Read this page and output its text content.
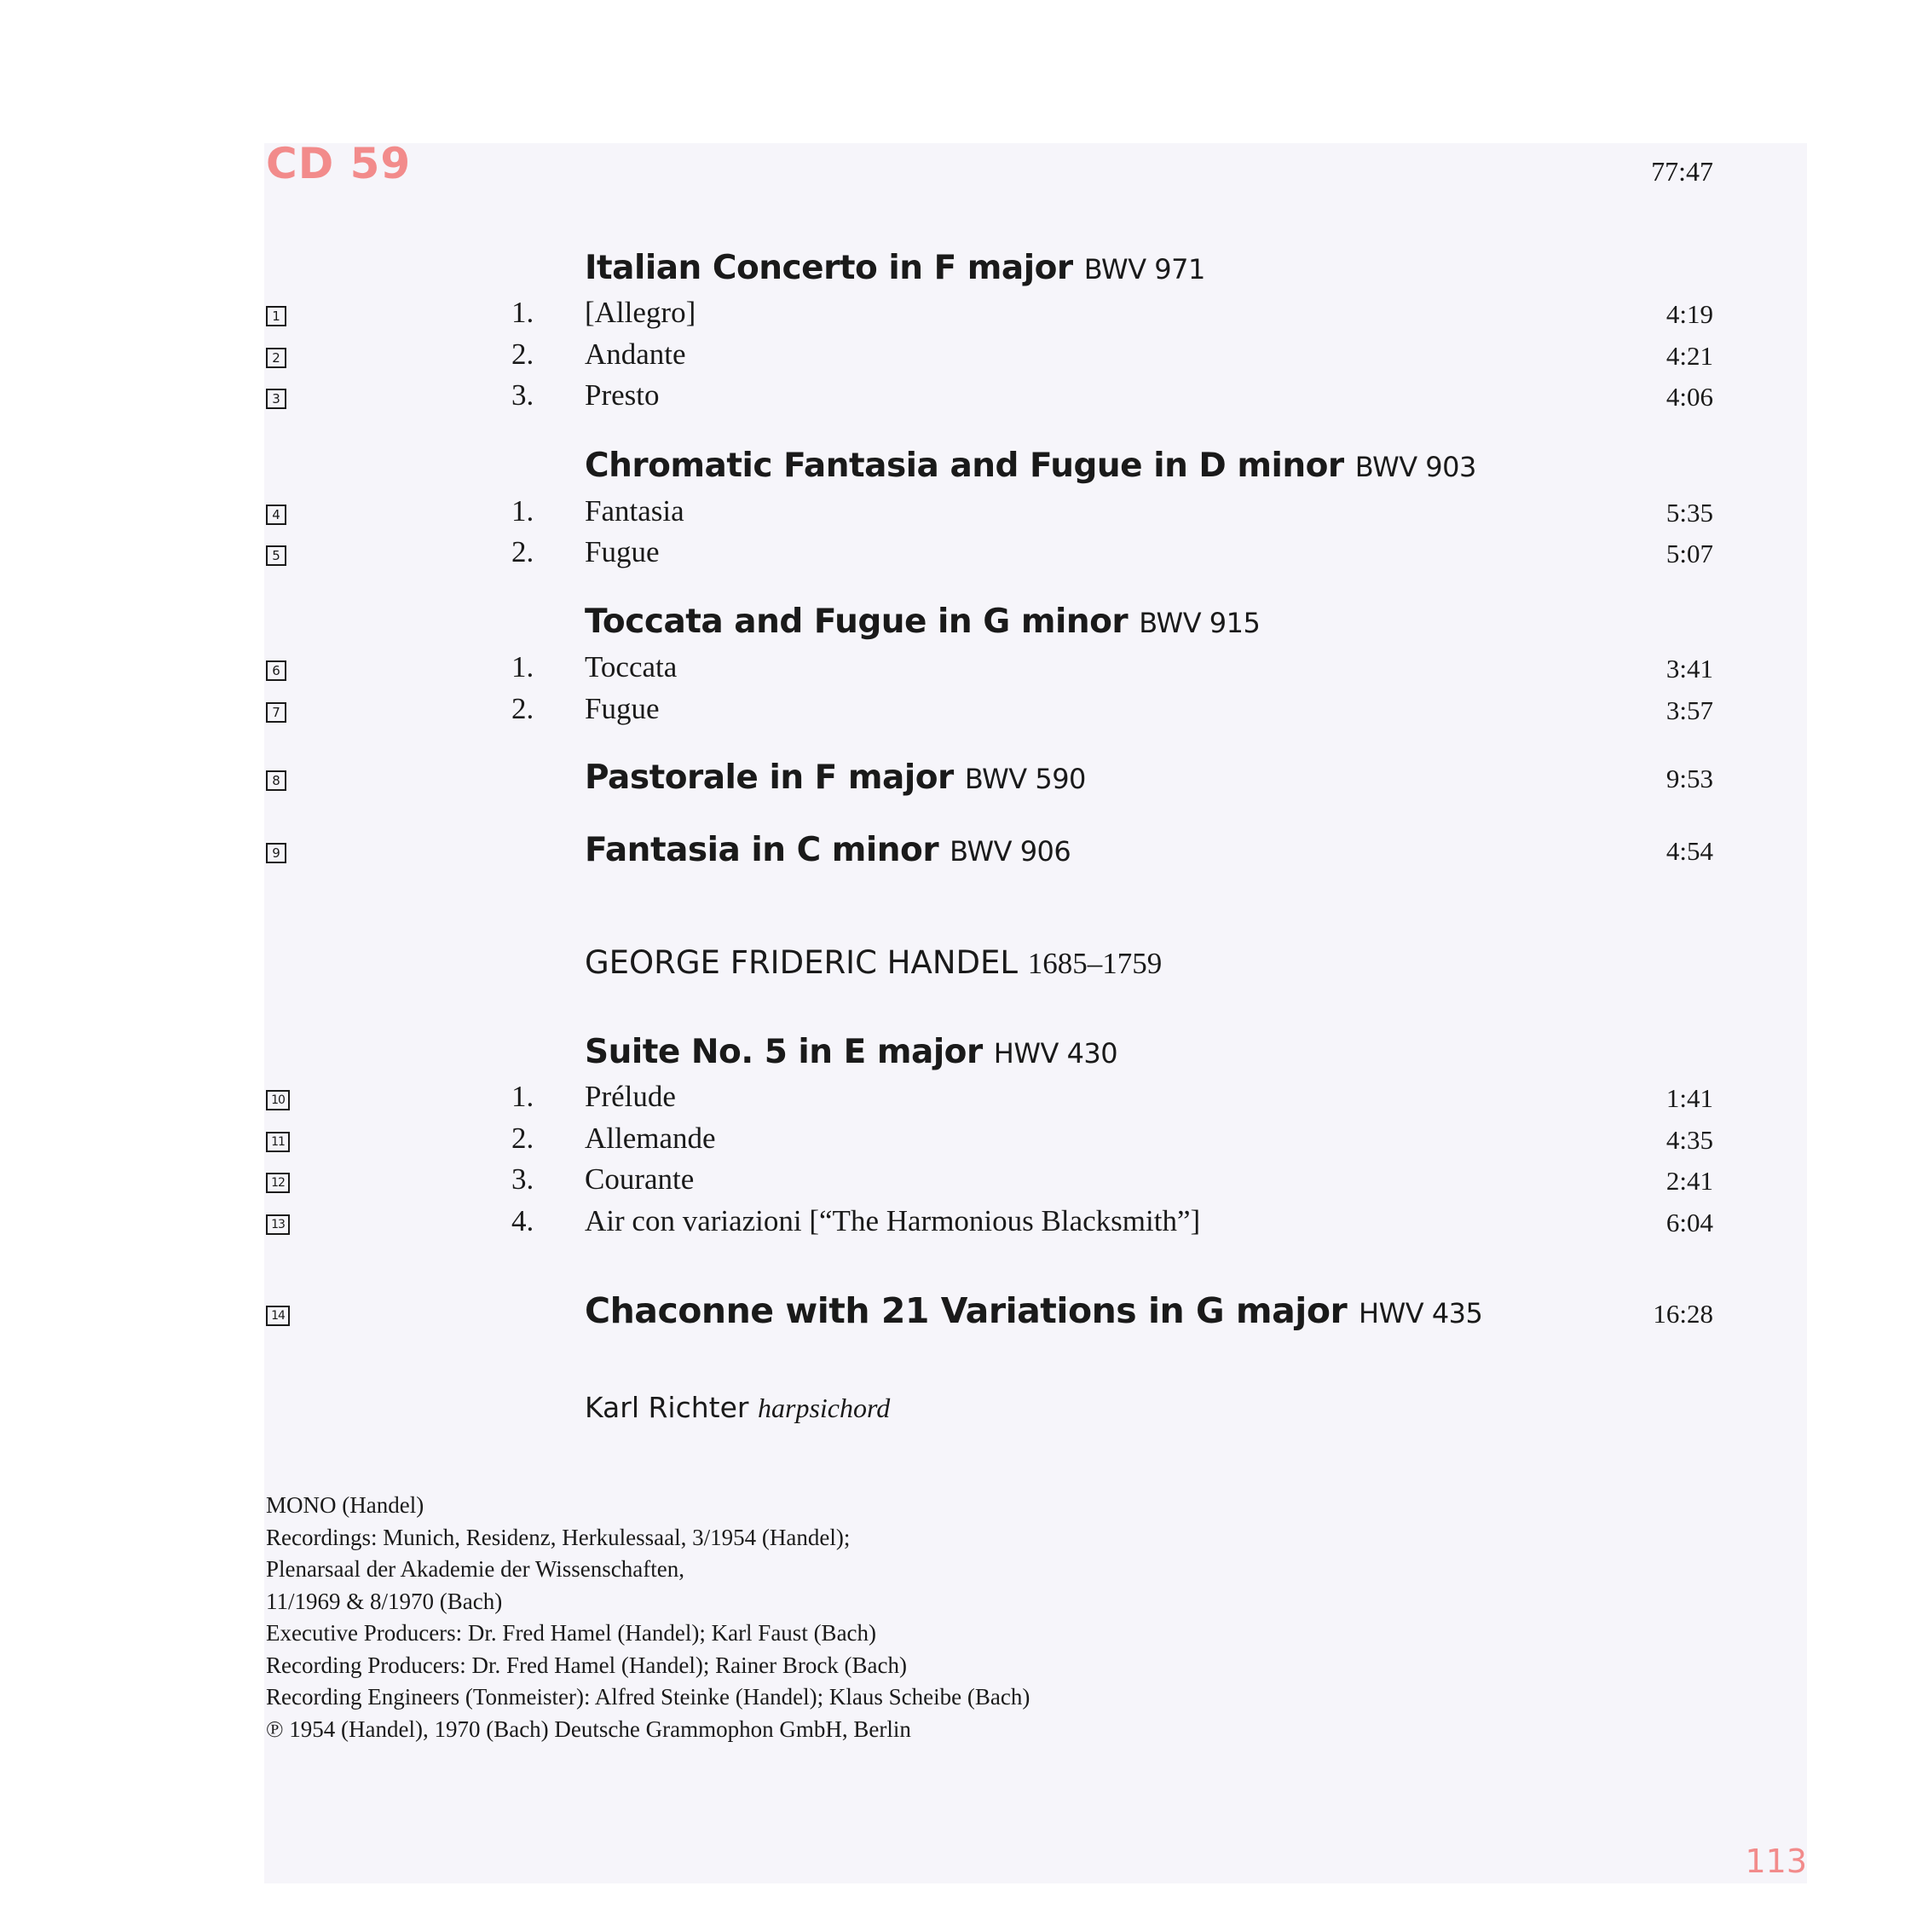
CD 59	77:47
Italian Concerto in F major BWV 971
1	1.	[Allegro]	4:19
2	2.	Andante	4:21
3	3.	Presto	4:06
Chromatic Fantasia and Fugue in D minor BWV 903
4	1.	Fantasia	5:35
5	2.	Fugue	5:07
Toccata and Fugue in G minor BWV 915
6	1.	Toccata	3:41
7	2.	Fugue	3:57
8	Pastorale in F major BWV 590	9:53
9	Fantasia in C minor BWV 906	4:54
GEORGE FRIDERIC HANDEL 1685–1759
Suite No. 5 in E major HWV 430
10	1.	Prélude	1:41
11	2.	Allemande	4:35
12	3.	Courante	2:41
13	4.	Air con variazioni [“The Harmonious Blacksmith”]	6:04
14	Chaconne with 21 Variations in G major HWV 435	16:28
Karl Richter harpsichord
MONO (Handel)
Recordings: Munich, Residenz, Herkulessaal, 3/1954 (Handel);
Plenarsaal der Akademie der Wissenschaften,
11/1969 & 8/1970 (Bach)
Executive Producers: Dr. Fred Hamel (Handel); Karl Faust (Bach)
Recording Producers: Dr. Fred Hamel (Handel); Rainer Brock (Bach)
Recording Engineers (Tonmeister): Alfred Steinke (Handel); Klaus Scheibe (Bach)
℗ 1954 (Handel), 1970 (Bach) Deutsche Grammophon GmbH, Berlin
113
